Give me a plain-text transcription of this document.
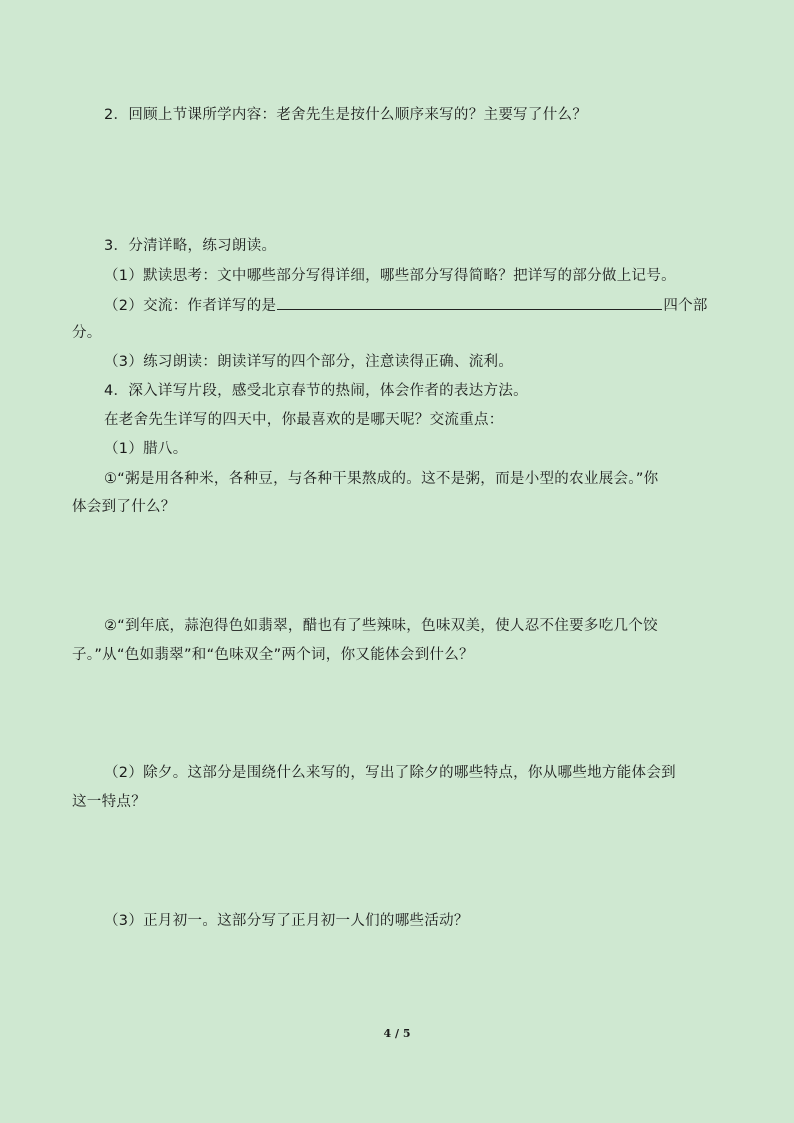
2．回顾上节课所学内容：老舍先生是按什么顺序来写的？主要写了什么？
3．分清详略，练习朗读。
（1）默读思考：文中哪些部分写得详细，哪些部分写得简略？把详写的部分做上记号。
（2）交流：作者详写的是	四个部
分。
（3）练习朗读：朗读详写的四个部分，注意读得正确、流利。
4．深入详写片段，感受北京春节的热闹，体会作者的表达方法。
在老舍先生详写的四天中，你最喜欢的是哪天呢？交流重点：
（1）腊八。
①“粥是用各种米，各种豆，与各种干果熬成的。这不是粥，而是小型的农业展会。”你
体会到了什么？
②“到年底，蒜泡得色如翡翠，醋也有了些辣味，色味双美，使人忍不住要多吃几个饺
子。”从“色如翡翠”和“色味双全”两个词，你又能体会到什么？
（2）除夕。这部分是围绕什么来写的，写出了除夕的哪些特点，你从哪些地方能体会到
这一特点？
（3）正月初一。这部分写了正月初一人们的哪些活动？
4 / 5
